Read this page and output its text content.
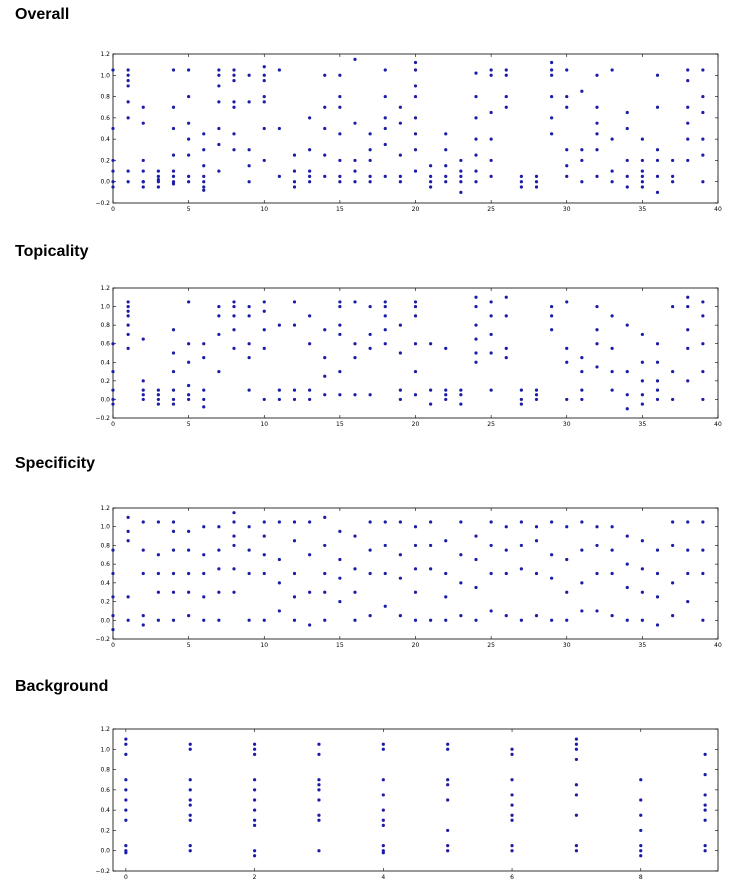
Overall
0	5	10	15	20	25	30	35	40
−0.2
0.0
0.2
0.4
0.6
0.8
1.0
1.2
Topicality
0	5	10	15	20	25	30	35	40
−0.2
0.0
0.2
0.4
0.6
0.8
1.0
1.2
Specificity
0	5	10	15	20	25	30	35	40
−0.2
0.0
0.2
0.4
0.6
0.8
1.0
1.2
Background
0	2	4	6	8
−0.2
0.0
0.2
0.4
0.6
0.8
1.0
1.2
